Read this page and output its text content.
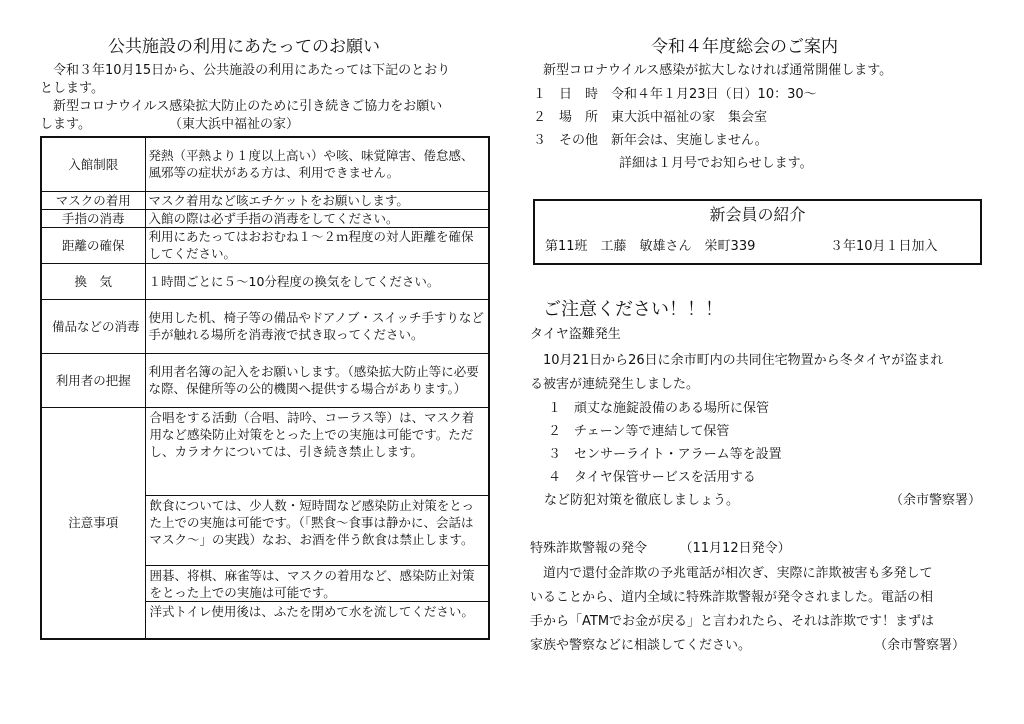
公共施設の利用にあたってのお願い
　令和３年10月15日から、公共施設の利用にあたっては下記のとおり
とします。
　新型コロナウイルス感染拡大防止のために引き続きご協力をお願い
します。　　　　　　　（東大浜中福祉の家）
入館制限	発熱（平熱より１度以上高い）や咳、味覚障害、倦怠感、風邪等の症状がある方は、利用できません。
マスクの着用	マスク着用など咳エチケットをお願いします。
手指の消毒	入館の際は必ず手指の消毒をしてください。
距離の確保	利用にあたってはおおむね１～２ｍ程度の対人距離を確保してください。
換　気	１時間ごとに５～10分程度の換気をしてください。
備品などの消毒	使用した机、椅子等の備品やドアノブ・スイッチ手すりなど手が触れる場所を消毒液で拭き取ってください。
利用者の把握	利用者名簿の記入をお願いします。（感染拡大防止等に必要な際、保健所等の公的機関へ提供する場合があります。）
注意事項	合唱をする活動（合唱、詩吟、コーラス等）は、マスク着用など感染防止対策をとった上での実施は可能です。ただし、カラオケについては、引き続き禁止します。
飲食については、少人数・短時間など感染防止対策をとった上での実施は可能です。（「黙食～食事は静かに、会話はマスク～」の実践）なお、お酒を伴う飲食は禁止します。
囲碁、将棋、麻雀等は、マスクの着用など、感染防止対策をとった上での実施は可能です。
洋式トイレ使用後は、ふたを閉めて水を流してください。
令和４年度総会のご案内
　新型コロナウイルス感染が拡大しなければ通常開催します。
１　日　時　令和４年１月23日（日）10：30～
２　場　所　東大浜中福祉の家　集会室
３　その他　新年会は、実施しません。
詳細は１月号でお知らせします。
新会員の紹介
第11班　工藤　敏雄さん　栄町339	３年10月１日加入
ご注意ください！！！
タイヤ盗難発生
　10月21日から26日に余市町内の共同住宅物置から冬タイヤが盗まれ
る被害が連続発生しました。
１　頑丈な施錠設備のある場所に保管
２　チェーン等で連結して保管
３　センサーライト・アラーム等を設置
４　タイヤ保管サービスを活用する
など防犯対策を徹底しましょう。	（余市警察署）
特殊詐欺警報の発令　　　（11月12日発令）
　道内で還付金詐欺の予兆電話が相次ぎ、実際に詐欺被害も多発して
いることから、道内全域に特殊詐欺警報が発令されました。電話の相
手から「ATMでお金が戻る」と言われたら、それは詐欺です！まずは
家族や警察などに相談してください。	（余市警察署）
